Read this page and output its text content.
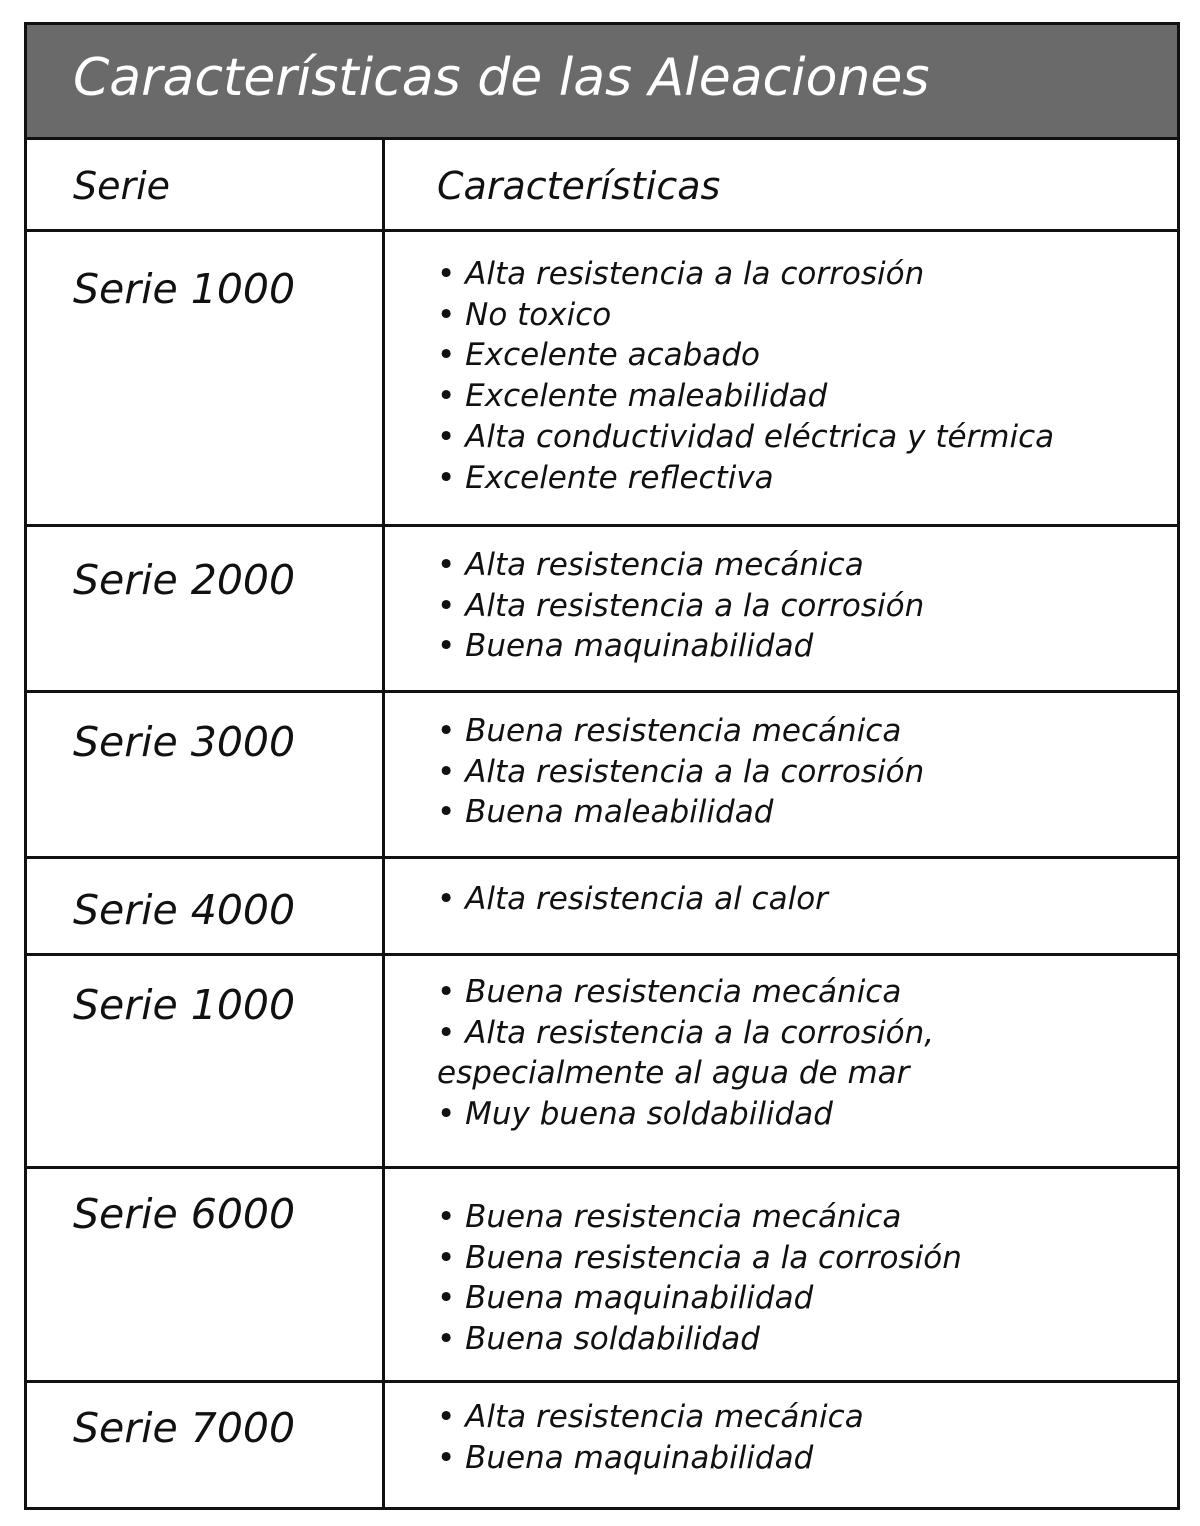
Características de las Aleaciones
Serie	Características
Serie 1000	• Alta resistencia a la corrosión
• No toxico
• Excelente acabado
• Excelente maleabilidad
• Alta conductividad eléctrica y térmica
• Excelente reflectiva
Serie 2000	• Alta resistencia mecánica
• Alta resistencia a la corrosión
• Buena maquinabilidad
Serie 3000	• Buena resistencia mecánica
• Alta resistencia a la corrosión
• Buena maleabilidad
Serie 4000	• Alta resistencia al calor
Serie 1000	• Buena resistencia mecánica
• Alta resistencia a la corrosión,
especialmente al agua de mar
• Muy buena soldabilidad
Serie 6000	• Buena resistencia mecánica
• Buena resistencia a la corrosión
• Buena maquinabilidad
• Buena soldabilidad
Serie 7000	• Alta resistencia mecánica
• Buena maquinabilidad
